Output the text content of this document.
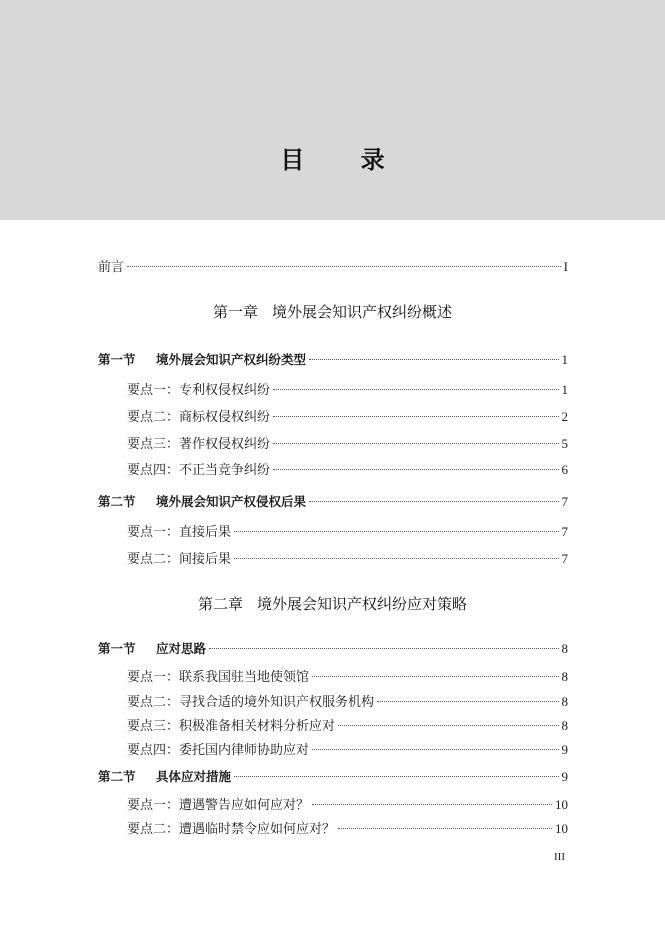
目 录
前言	I
第一章 境外展会知识产权纠纷概述
第一节 境外展会知识产权纠纷类型	1
要点一：专利权侵权纠纷	1
要点二：商标权侵权纠纷	2
要点三：著作权侵权纠纷	5
要点四：不正当竞争纠纷	6
第二节 境外展会知识产权侵权后果	7
要点一：直接后果	7
要点二：间接后果	7
第二章 境外展会知识产权纠纷应对策略
第一节 应对思路	8
要点一：联系我国驻当地使领馆	8
要点二：寻找合适的境外知识产权服务机构	8
要点三：积极准备相关材料分析应对	8
要点四：委托国内律师协助应对	9
第二节 具体应对措施	9
要点一：遭遇警告应如何应对？	10
要点二：遭遇临时禁令应如何应对？	10
III
